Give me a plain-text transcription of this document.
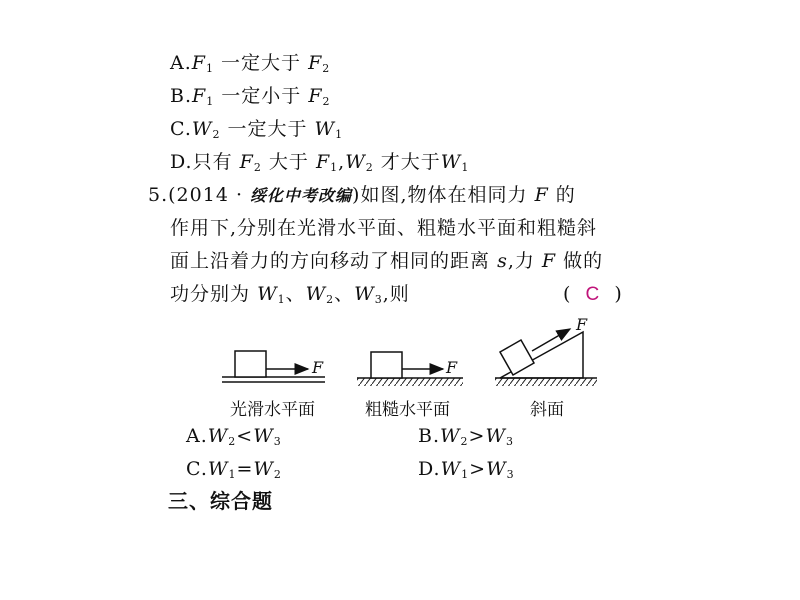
$A.F_1$ 一定大于 $F_2$
$B.F_1$ 一定小于 $F_2$
$C.W_2$ 一定大于 $W_1$
D.只有 $F_2$ 大于 $F_1,W_2$ 才大于$W_1$
5.(2014 · 绥化中考改编)如图,物体在相同力 F 的
作用下,分别在光滑水平面、粗糙水平面和粗糙斜
面上沿着力的方向移动了相同的距离 s,力 F 做的
功分别为 $W_1$、$W_2$、$W_3$,则	( C )
F	F
F
光滑水平面	粗糙水平面	斜面
$A.W_2<W_3$	$B.W_2>W_3$
$C.W_1=W_2$	$D.W_1>W_3$
三、综合题
